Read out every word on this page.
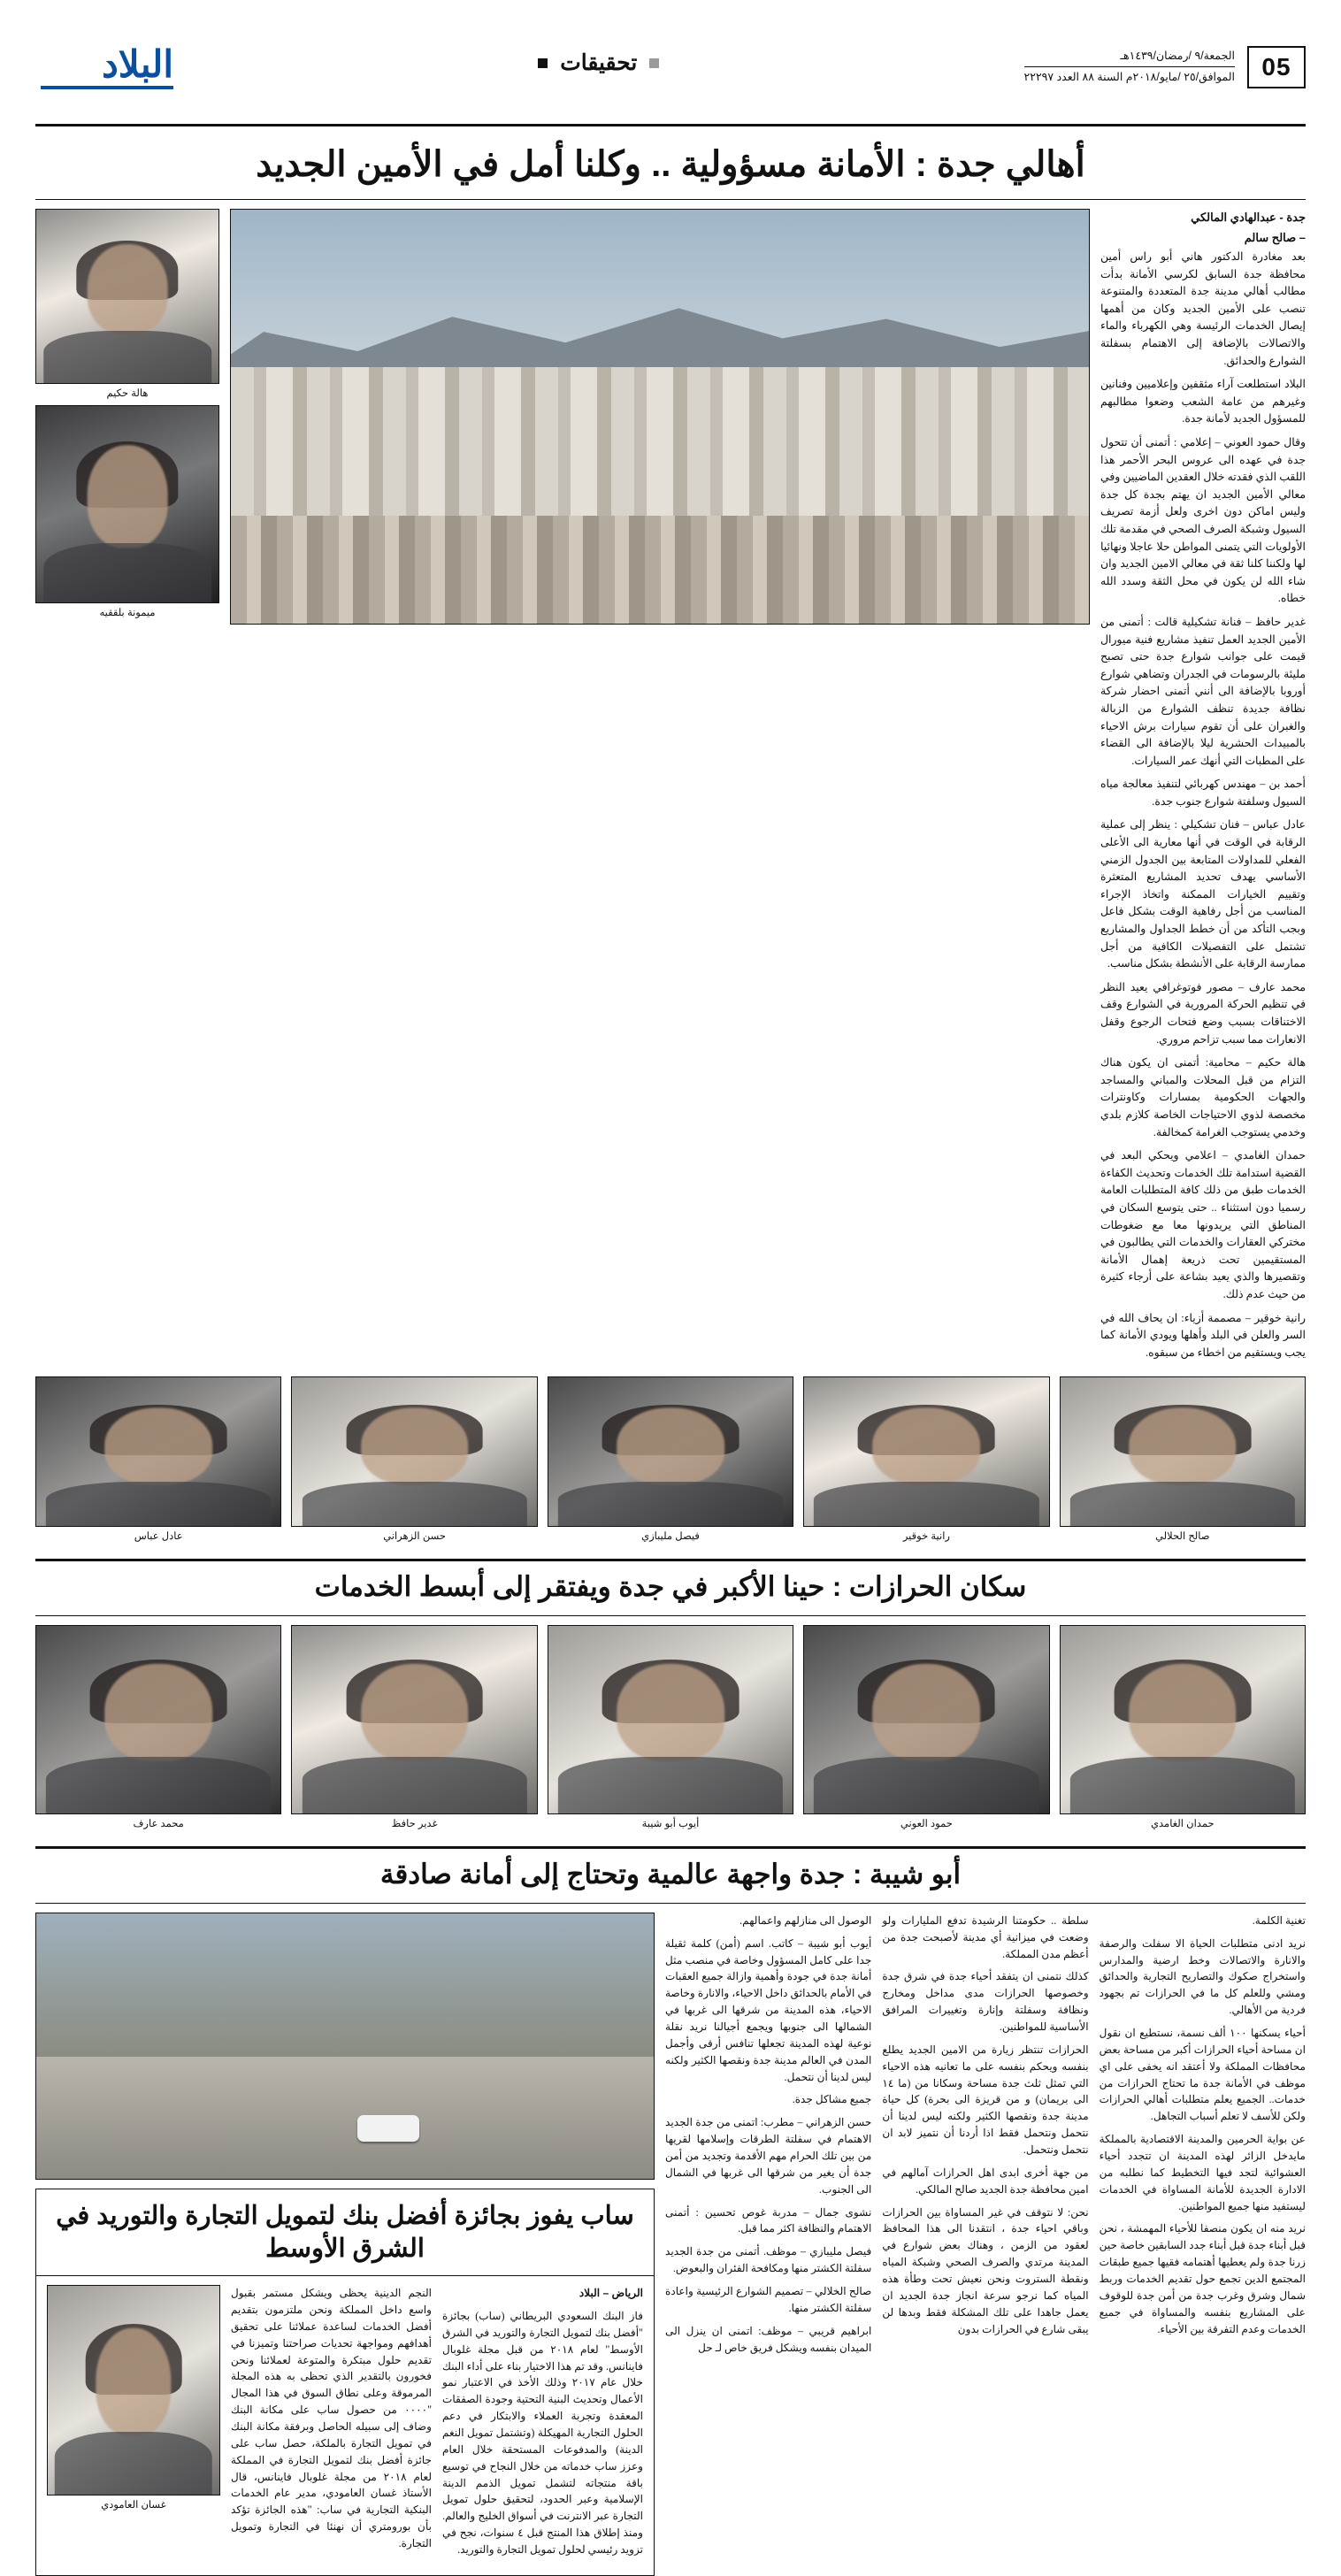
05
الجمعة/٩ /رمضان/١٤٣٩هـ
الموافق/٢٥ /مايو/٢٠١٨م السنة ٨٨ العدد ٢٢٢٩٧
تحقيقات
البلاد
أهالي جدة : الأمانة مسؤولية .. وكلنا أمل في الأمين الجديد
جدة - عبدالهادي المالكي
– صالح سالم

بعد مغادرة الدكتور هاني أبو راس أمين محافظة جدة السابق لكرسي الأمانة بدأت مطالب أهالي مدينة جدة المتعددة والمتنوعة تنصب على الأمين الجديد وكان من أهمها إيصال الخدمات الرئيسة وهي الكهرباء والماء والاتصالات بالإضافة إلى الاهتمام بسفلتة الشوارع والحدائق.

البلاد استطلعت آراء مثقفين وإعلاميين وفنانين وغيرهم من عامة الشعب وضعوا مطالبهم للمسؤول الجديد لأمانة جدة.

وقال حمود العوني – إعلامي : أتمنى أن تتحول جدة في عهده الى عروس البحر الأحمر هذا اللقب الذي فقدته خلال العقدين الماضيين وفي معالي الأمين الجديد ان يهتم بجدة كل جدة وليس اماكن دون اخرى ولعل أزمة تصريف السيول وشبكة الصرف الصحي في مقدمة تلك الأولويات التي يتمنى المواطن حلا عاجلا ونهائيا لها ولكننا كلنا ثقة في معالي الامين الجديد وان شاء الله لن يكون في محل الثقة وسدد الله خطاه.

غدير حافظ – فنانة تشكيلية قالت : أتمنى من الأمين الجديد العمل تنفيذ مشاريع فنية ميورال قيمت على جوانب شوارع جدة حتى تصبح مليئة بالرسومات في الجدران وتضاهي شوارع أوروبا بالإضافة الى أنني أتمنى احضار شركة نظافة جديدة تنظف الشوارع من الزبالة والغبران على أن تقوم سيارات برش الاحياء بالمبيدات الحشرية ليلا بالإضافة الى القضاء على المطبات التي أنهك عمر السيارات.

أحمد بن – مهندس كهربائي لتنفيذ معالجة مياه السيول وسلفتة شوارع جنوب جدة.

عادل عباس – فنان تشكيلي : ينظر إلى عملية الرقابة في الوقت في أنها معارية الى الأعلى الفعلي للمداولات المتابعة بين الجدول الزمني الأساسي يهدف تحديد المشاريع المتعثرة وتقييم الخيارات الممكنة واتخاذ الإجراء المناسب من أجل رفاهية الوقت بشكل فاعل وبجب التأكد من أن خطط الجداول والمشاريع تشتمل على التفصيلات الكافية من أجل ممارسة الرقابة على الأنشطة بشكل مناسب.

محمد عارف – مصور فوتوغرافي يعيد النظر في تنظيم الحركة المرورية في الشوارع وقف الاختناقات بسبب وضع فتحات الرجوع وقفل الانعارات مما سبب تزاحم مروري.

هالة حكيم – محامية: أتمنى ان يكون هناك التزام من قبل المحلات والمباني والمساجد والجهات الحكومية بمسارات وكاونترات مخصصة لذوي الاحتياجات الخاصة كلازم بلدي وخدمي يستوجب الغرامة كمخالفة.

حمدان الغامدي – اعلامي ويحكي البعد في القضية استدامة تلك الخدمات وتحديث الكفاءة الخدمات طبق من ذلك كافة المتطلبات العامة رسميا دون استثناء .. حتى يتوسع السكان في المناطق التي يريدونها معا مع ضغوطات مختركي العقارات والخدمات التي يطالبون في المستقيمين تحت ذريعة إهمال الأمانة وتقصيرها والذي يعيد بشاعة على أرجاء كثيرة من حيث عدم ذلك.

رانية خوقير – مصممة أزياء: ان يحاف الله في السر والعلن في البلد وأهلها ويودي الأمانة كما يجب ويستقيم من اخطاء من سبقوه.

هالة حكيم
ميمونة بلققيه
صالح الحلالي
رانية خوقير
فيصل مليبازي
حسن الزهراني
عادل عباس
سكان الحرازات : حينا الأكبر في جدة ويفتقر إلى أبسط الخدمات
حمدان الغامدي
حمود العوني
أيوب أبو شيبة
غدير حافظ
محمد عارف
أبو شيبة : جدة واجهة عالمية وتحتاج إلى أمانة صادقة

تغنية الكلمة.

نريد ادنى متطلبات الحياة الا سفلت والرصفة والانارة والاتصالات وخط ارضية والمدارس واستخراج صكوك والتصاريح التجارية والحدائق ومشي وللعلم كل ما في الحرازات تم بجهود فردية من الأهالي.

أحياء يسكنها ١٠٠ ألف نسمة، نستطيع ان نقول ان مساحة أحياء الحرازات أكبر من مساحة بعض محافظات المملكة ولا أعتقد انه يخفى على اي موظف في الأمانة جدة ما تحتاج الحرازات من خدمات.. الجميع يعلم متطلبات أهالي الحرازات ولكن للأسف لا تعلم أسباب التجاهل.

عن بواية الحرمين والمدينة الاقتصادية بالمملكة مايدخل الزائر لهذه المدينة ان تتجدد أحياء العشوائية لتجد فيها التخطيط كما نطلبه من الادارة الجديدة للأمانة المساواة في الخدمات ليستفيد منها جميع المواطنين.

نريد منه ان يكون منصفا للأحياء المهمشة ، نحن قبل أبناء جدة قبل أبناء جدد السابقين خاصة حين زرنا جدة ولم يعطيها أهتمامه فقيها جميع طبقات المجتمع الدين تجمع حول تقديم الخدمات وربط شمال وشرق وغرب جدة من أمن جدة للوقوف على المشاريع بنفسه والمساواة في جميع الخدمات وعدم التفرقة بين الأحياء.

سلطة .. حكومتنا الرشيدة تدفع المليارات ولو وضعت في ميزانية أي مدينة لأصبحت جدة من أعظم مدن المملكة.

كذلك نتمنى ان يتفقد أحياء جدة في شرق جدة وخصوصها الحرازات مدى مداخل ومخارج ونظافة وسفلتة وإنارة وتغييرات المرافق الأساسية للمواطنين.

الحرازات تنتظر زيارة من الامين الجديد يطلع بنفسه ويحكم بنفسه على ما تعانيه هذه الاحياء التي تمثل ثلث جدة مساحة وسكانا من (ما ١٤ الى بريمان) و من قريزة الى بحرة) كل حياة مدينة جدة ونقصها الكثير ولكنه ليس لدينا أن نتحمل ونتحمل فقط اذا أردنا أن نتميز لابد ان نتحمل ونتحمل.

من جهة أخرى ابدى اهل الحرازات آمالهم في امين محافظة جدة الجديد صالح المالكي.

نحن: لا نتوقف في غير المساواة بين الحرازات وباقي احياء جدة ، انتقدنا الى هذا المحافظ لعقود من الزمن ، وهناك بعض شوارع في المدينة مرتدي والصرف الصحي وشبكة المياه ونقطة الستروت ونحن نعيش تحت وطأة هذه المياه كما نرجو سرعة انجاز جدة الجديد ان يعمل جاهدا على تلك المشكلة فقط وبدها لن يبقى شارع في الحرازات بدون

الوصول الى منازلهم واعمالهم.

أيوب أبو شيبة – كاتب. اسم (أمن) كلمة ثقيلة جدا على كامل المسؤول وخاصة في منصب مثل أمانة جدة في جودة وأهمية وازالة جميع العقبات في الأمام بالحدائق داخل الاحياء، والانارة وخاصة الاحياء، هذه المدينة من شرقها الى غربها في الشمالها الى جنوبها ويجمع أجيالنا نريد نقلة نوعية لهذه المدينة تجعلها تنافس أرقى وأجمل المدن في العالم مدينة جدة ونقصها الكثير ولكنه ليس لدينا أن نتحمل.

جميع مشاكل جدة.

حسن الزهراني – مطرب: اتمنى من جدة الجديد الاهتمام في سفلتة الطرقات وإسلامها لقريها من بين تلك الحرام مهم الأقدمة وتجديد من أمن جدة أن يغير من شرقها الى غربها في الشمال الى الجنوب.

نشوى جمال – مدربة غوص تحسين : أتمنى الاهتمام والنظافة اكثر مما قبل.

فيصل مليبازي – موظف. أتمنى من جدة الجديد سفلتة الكشتر منها ومكافحة الفئران والبعوض.

صالح الخلالي – تصميم الشوارع الرئيسية واعادة سفلتة الكشتر منها.

ابراهيم قريبي – موظف: اتمنى ان ينزل الى الميدان بنفسه ويشكل فريق خاص لـ حل

ساب يفوز بجائزة أفضل بنك لتمويل التجارة والتوريد في الشرق الأوسط

الرياض – البلاد

فاز البنك السعودي البريطاني (ساب) بجائزة "أفضل بنك لتمويل التجارة والتوريد في الشرق الأوسط" لعام ٢٠١٨ من قبل مجلة غلوبال فاينانس. وقد تم هذا الاختيار بناء على أداء البنك خلال عام ٢٠١٧ وذلك الأخذ في الاعتبار نمو الأعمال وتحديث البنية التحتية وجودة الصفقات المعقدة وتجربة العملاء والابتكار في دعم الحلول التجارية المهيكلة (وتشتمل تمويل النغم الدينة) والمدفوعات المستحقة خلال العام وعزز ساب خدماته من خلال النجاح في توسيع باقة منتجاته لتشمل تمويل الذمم الدينة الإسلامية وعبر الحدود، لتحقيق حلول تمويل التجارة عبر الانترنت في أسواق الخليج والعالم. ومنذ إطلاق هذا المنتج قبل ٤ سنوات، نجح في تزويد رئيسي لحلول تمويل التجارة والتوريد.

النجم الدينية يحظى ويشكل مستمر بقبول واسع داخل المملكة ونحن ملتزمون بتقديم أفضل الخدمات لساعدة عملائنا على تحقيق أهدافهم ومواجهة تحديات صراحتنا وتميزنا في تقديم حلول مبتكرة والمتوعة لعملائنا ونحن فخورون بالتقدير الذي تحظى به هذه المجلة المرموقة وعلى نطاق السوق في هذا المجال "٠٠٠٠ من حصول ساب على مكانة البنك وضاف إلى سبيله الحاصل وبرفقة مكانة البنك في تمويل التجارة بالملكة، حصل ساب على جائزة أفضل بنك لتمويل التجارة في المملكة لعام ٢٠١٨ من مجلة غلوبال فاينانس، قال الأستاذ غسان العامودي، مدير عام الخدمات البنكية التجارية في ساب: "هذه الجائزة تؤكد بأن بورومتري أن نهنئا في التجارة وتمويل التجارة.

غسان العامودي
